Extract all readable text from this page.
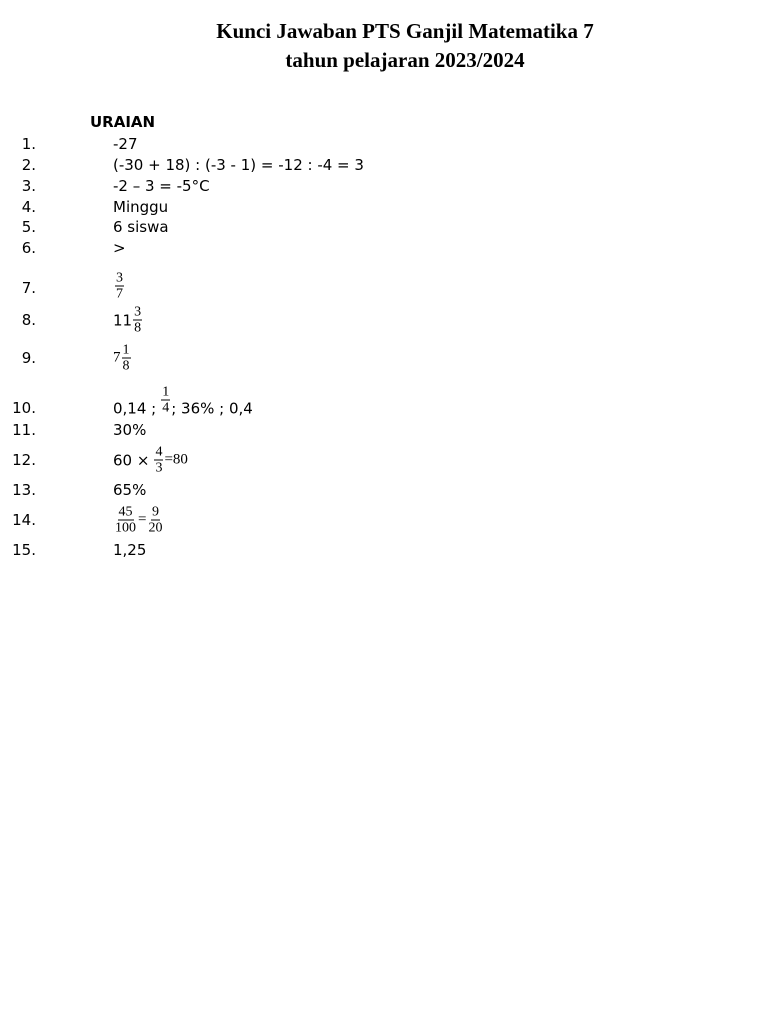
Kunci Jawaban PTS Ganjil Matematika 7
tahun pelajaran 2023/2024
URAIAN
1.	-27
2.	(-30 + 18) : (-3 - 1) = -12 : -4 = 3
3.	-2 – 3 = -5°C
4.	Minggu
5.	6 siswa
6.	>
7.	$\frac{3}{7}$
8.	$11 \frac{3}{8}$
9.	$7 \frac{1}{8}$
10.	0,14 ; $\frac{1}{4}$ ; 36% ; 0,4
11.	30%
12.	$60 \times \frac{4}{3} = 80$
13.	65%
14.	$\frac{45}{100} = \frac{9}{20}$
15.	1,25
